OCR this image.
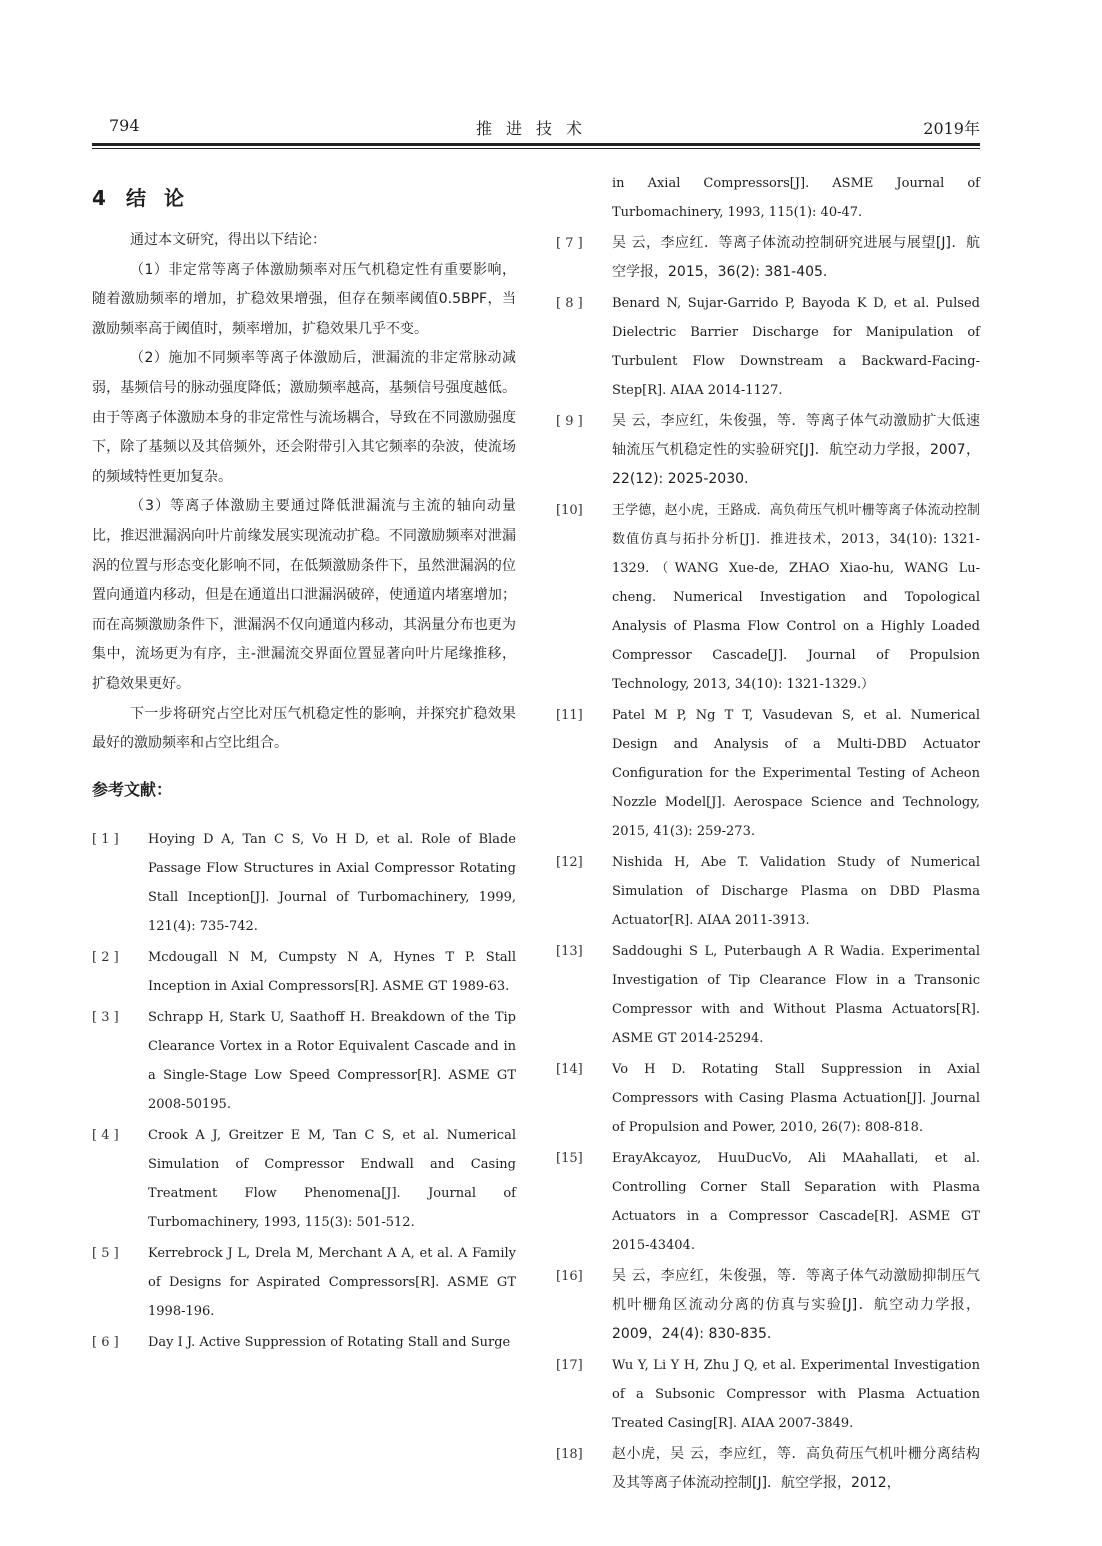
794	推进技术	2019年
4 结论

通过本文研究，得出以下结论：

（1）非定常等离子体激励频率对压气机稳定性有重要影响，随着激励频率的增加，扩稳效果增强，但存在频率阈值0.5BPF，当激励频率高于阈值时，频率增加，扩稳效果几乎不变。

（2）施加不同频率等离子体激励后，泄漏流的非定常脉动减弱，基频信号的脉动强度降低；激励频率越高，基频信号强度越低。由于等离子体激励本身的非定常性与流场耦合，导致在不同激励强度下，除了基频以及其倍频外，还会附带引入其它频率的杂波，使流场的频域特性更加复杂。

（3）等离子体激励主要通过降低泄漏流与主流的轴向动量比，推迟泄漏涡向叶片前缘发展实现流动扩稳。不同激励频率对泄漏涡的位置与形态变化影响不同，在低频激励条件下，虽然泄漏涡的位置向通道内移动，但是在通道出口泄漏涡破碎，使通道内堵塞增加；而在高频激励条件下，泄漏涡不仅向通道内移动，其涡量分布也更为集中，流场更为有序，主-泄漏流交界面位置显著向叶片尾缘推移，扩稳效果更好。

下一步将研究占空比对压气机稳定性的影响，并探究扩稳效果最好的激励频率和占空比组合。

参考文献：
[ 1 ]	Hoying D A, Tan C S, Vo H D, et al. Role of Blade Passage Flow Structures in Axial Compressor Rotating Stall Inception[J]. Journal of Turbomachinery, 1999, 121(4): 735-742.
[ 2 ]	Mcdougall N M, Cumpsty N A, Hynes T P. Stall Inception in Axial Compressors[R]. ASME GT 1989-63.
[ 3 ]	Schrapp H, Stark U, Saathoff H. Breakdown of the Tip Clearance Vortex in a Rotor Equivalent Cascade and in a Single-Stage Low Speed Compressor[R]. ASME GT 2008-50195.
[ 4 ]	Crook A J, Greitzer E M, Tan C S, et al. Numerical Simulation of Compressor Endwall and Casing Treatment Flow Phenomena[J]. Journal of Turbomachinery, 1993, 115(3): 501-512.
[ 5 ]	Kerrebrock J L, Drela M, Merchant A A, et al. A Family of Designs for Aspirated Compressors[R]. ASME GT 1998-196.
[ 6 ]	Day I J. Active Suppression of Rotating Stall and Surge
in Axial Compressors[J]. ASME Journal of Turbomachinery, 1993, 115(1): 40-47.
[ 7 ]	吴 云，李应红．等离子体流动控制研究进展与展望[J]．航空学报，2015，36(2): 381-405.
[ 8 ]	Benard N, Sujar-Garrido P, Bayoda K D, et al. Pulsed Dielectric Barrier Discharge for Manipulation of Turbulent Flow Downstream a Backward-Facing-Step[R]. AIAA 2014-1127.
[ 9 ]	吴 云，李应红，朱俊强，等．等离子体气动激励扩大低速轴流压气机稳定性的实验研究[J]．航空动力学报，2007，22(12): 2025-2030.
[10]	王学德，赵小虎，王路成．高负荷压气机叶栅等离子体流动控制数值仿真与拓扑分析[J]．推进技术，2013，34(10): 1321-1329.（WANG Xue-de, ZHAO Xiao-hu, WANG Lu-cheng. Numerical Investigation and Topological Analysis of Plasma Flow Control on a Highly Loaded Compressor Cascade[J]. Journal of Propulsion Technology, 2013, 34(10): 1321-1329.）
[11]	Patel M P, Ng T T, Vasudevan S, et al. Numerical Design and Analysis of a Multi-DBD Actuator Configuration for the Experimental Testing of Acheon Nozzle Model[J]. Aerospace Science and Technology, 2015, 41(3): 259-273.
[12]	Nishida H, Abe T. Validation Study of Numerical Simulation of Discharge Plasma on DBD Plasma Actuator[R]. AIAA 2011-3913.
[13]	Saddoughi S L, Puterbaugh A R Wadia. Experimental Investigation of Tip Clearance Flow in a Transonic Compressor with and Without Plasma Actuators[R]. ASME GT 2014-25294.
[14]	Vo H D. Rotating Stall Suppression in Axial Compressors with Casing Plasma Actuation[J]. Journal of Propulsion and Power, 2010, 26(7): 808-818.
[15]	ErayAkcayoz, HuuDucVo, Ali MAahallati, et al. Controlling Corner Stall Separation with Plasma Actuators in a Compressor Cascade[R]. ASME GT 2015-43404.
[16]	吴 云，李应红，朱俊强，等．等离子体气动激励抑制压气机叶栅角区流动分离的仿真与实验[J]．航空动力学报，2009，24(4): 830-835.
[17]	Wu Y, Li Y H, Zhu J Q, et al. Experimental Investigation of a Subsonic Compressor with Plasma Actuation Treated Casing[R]. AIAA 2007-3849.
[18]	赵小虎，吴 云，李应红，等．高负荷压气机叶栅分离结构及其等离子体流动控制[J]．航空学报，2012，
